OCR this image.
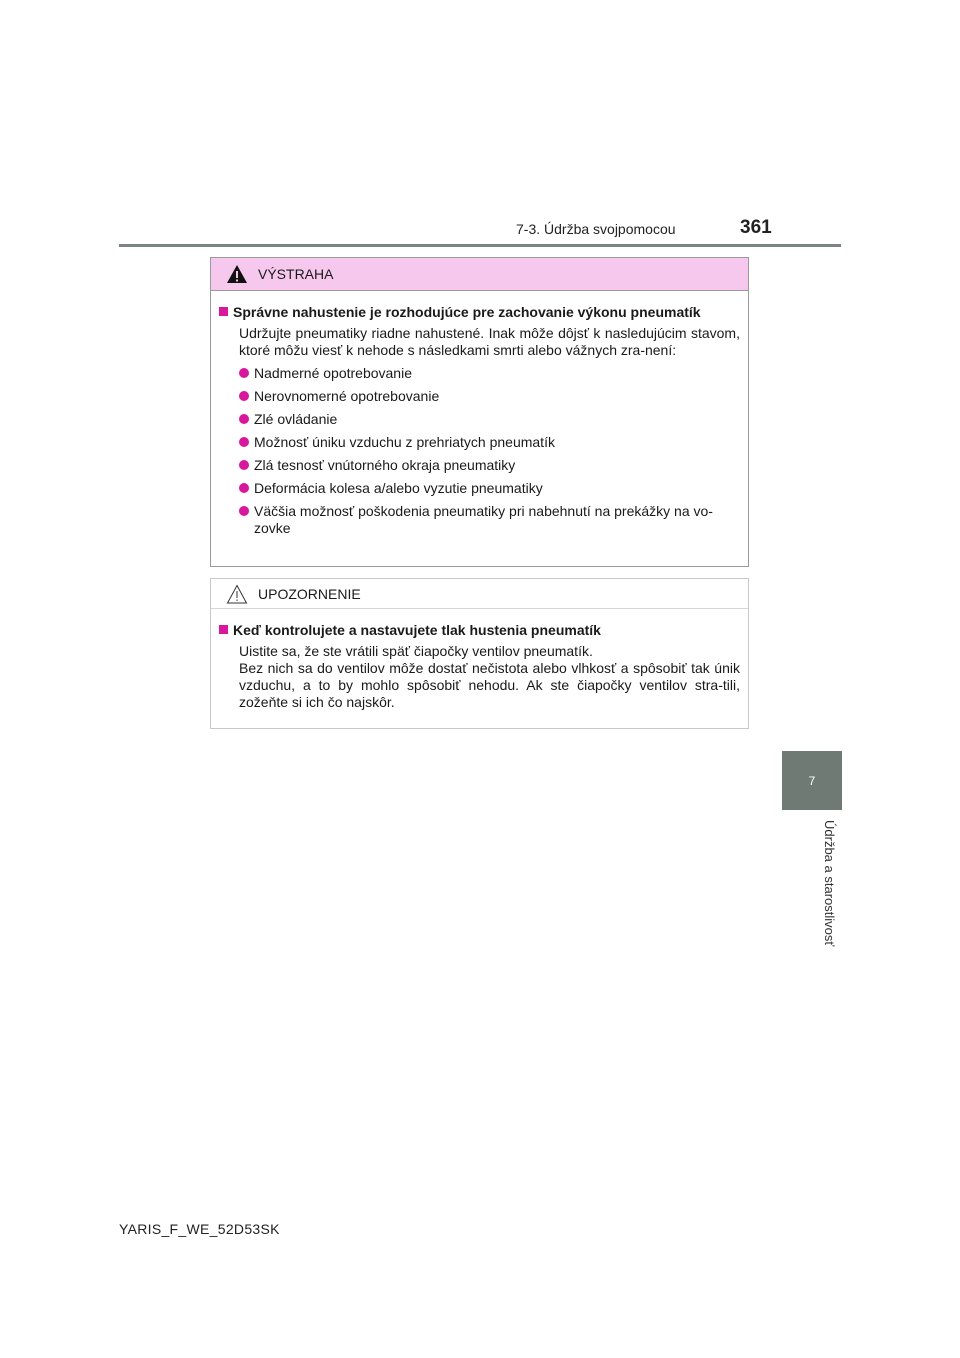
7-3. Údržba svojpomocou	361
7
Údržba a starostlivosť
VÝSTRAHA
Správne nahustenie je rozhodujúce pre zachovanie výkonu pneumatík

Udržujte pneumatiky riadne nahustené. Inak môže dôjsť k nasledujúcim stavom, ktoré môžu viesť k nehode s následkami smrti alebo vážnych zra-není:

Nadmerné opotrebovanie
Nerovnomerné opotrebovanie
Zlé ovládanie
Možnosť úniku vzduchu z prehriatych pneumatík
Zlá tesnosť vnútorného okraja pneumatiky
Deformácia kolesa a/alebo vyzutie pneumatiky
Väčšia možnosť poškodenia pneumatiky pri nabehnutí na prekážky na vo-zovke
UPOZORNENIE
Keď kontrolujete a nastavujete tlak hustenia pneumatík

Uistite sa, že ste vrátili späť čiapočky ventilov pneumatík.

Bez nich sa do ventilov môže dostať nečistota alebo vlhkosť a spôsobiť tak únik vzduchu, a to by mohlo spôsobiť nehodu. Ak ste čiapočky ventilov stra-tili, zožeňte si ich čo najskôr.

YARIS_F_WE_52D53SK
